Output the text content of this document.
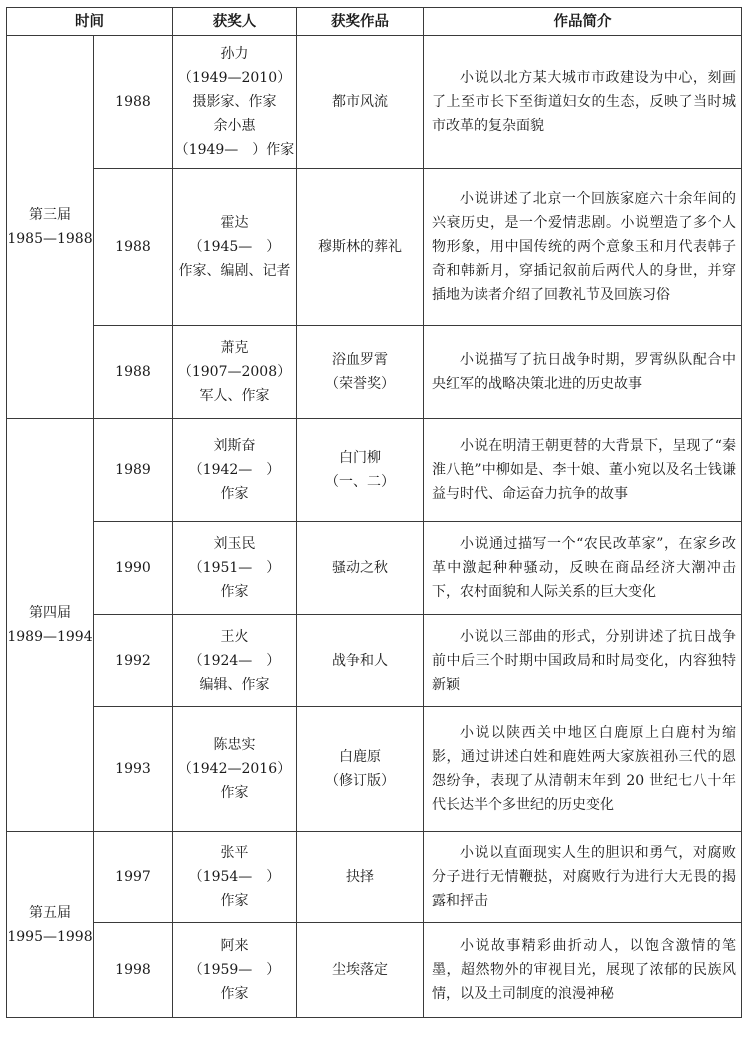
时间		获奖人	获奖作品	作品简介

第三届
1985—1988	1988	孙力
（1949—2010）
摄影家、作家
余小惠
（1949—　）作家	都市风流	小说以北方某大城市市政建设为中心，刻画了上至市长下至街道妇女的生态，反映了当时城市改革的复杂面貌

	1988	霍达
（1945—　）
作家、编剧、记者	穆斯林的葬礼	小说讲述了北京一个回族家庭六十余年间的兴衰历史，是一个爱情悲剧。小说塑造了多个人物形象，用中国传统的两个意象玉和月代表韩子奇和韩新月，穿插记叙前后两代人的身世，并穿插地为读者介绍了回教礼节及回族习俗

	1988	萧克
（1907—2008）
军人、作家	浴血罗霄
（荣誉奖）	小说描写了抗日战争时期，罗霄纵队配合中央红军的战略决策北进的历史故事

第四届
1989—1994	1989	刘斯奋
（1942—　）
作家	白门柳
（一、二）	小说在明清王朝更替的大背景下，呈现了“秦淮八艳”中柳如是、李十娘、董小宛以及名士钱谦益与时代、命运奋力抗争的故事

	1990	刘玉民
（1951—　）
作家	骚动之秋	小说通过描写一个“农民改革家”，在家乡改革中激起种种骚动，反映在商品经济大潮冲击下，农村面貌和人际关系的巨大变化

	1992	王火
（1924—　）
编辑、作家	战争和人	小说以三部曲的形式，分别讲述了抗日战争前中后三个时期中国政局和时局变化，内容独特新颖

	1993	陈忠实
（1942—2016）
作家	白鹿原
（修订版）	小说以陕西关中地区白鹿原上白鹿村为缩影，通过讲述白姓和鹿姓两大家族祖孙三代的恩怨纷争，表现了从清朝末年到 20 世纪七八十年代长达半个多世纪的历史变化

第五届
1995—1998	1997	张平
（1954—　）
作家	抉择	小说以直面现实人生的胆识和勇气，对腐败分子进行无情鞭挞，对腐败行为进行大无畏的揭露和抨击

	1998	阿来
（1959—　）
作家	尘埃落定	小说故事精彩曲折动人，以饱含激情的笔墨，超然物外的审视目光，展现了浓郁的民族风情，以及土司制度的浪漫神秘
